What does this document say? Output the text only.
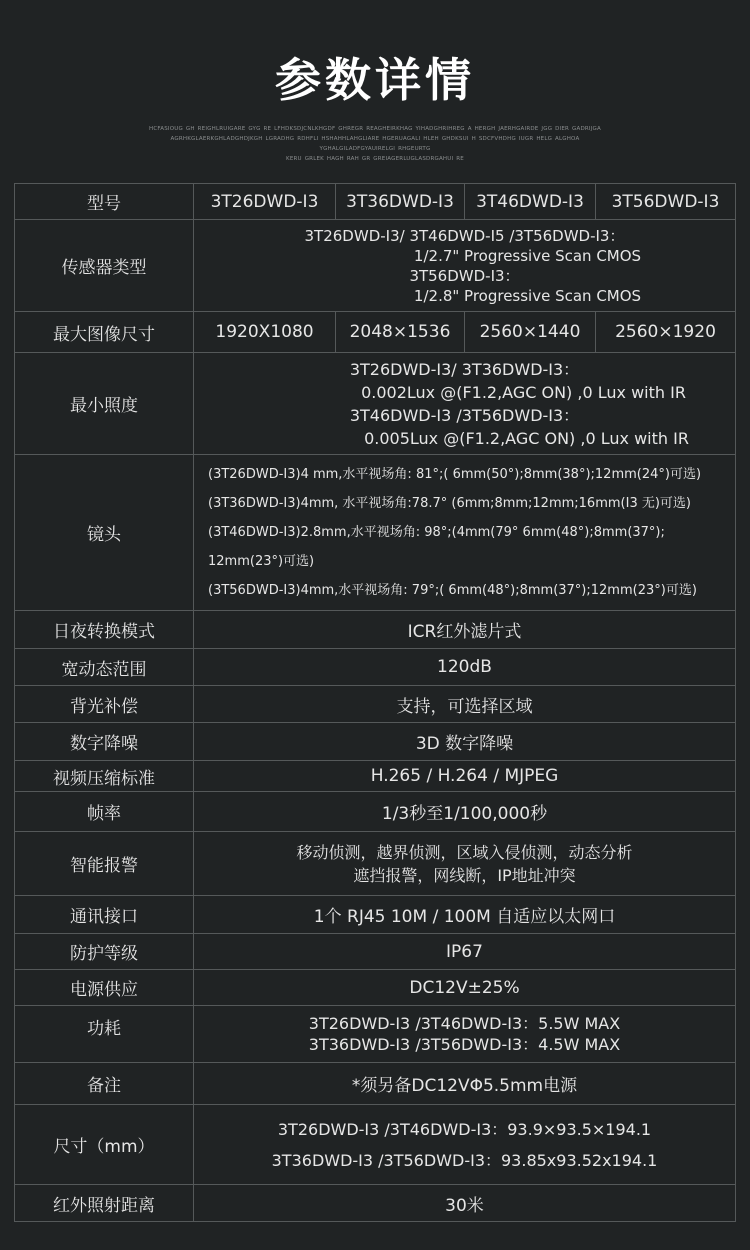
参数详情
HCFASIOUG GH REIGHLRUIGARE GYG RE LFHDKSDJCNLKHGDF GHREGR REAGHEIRKHAG YIHADGHRIHREG A HERGH JAERHGAIRDE JGG DIER GADRIJGA
AGRHKGLAERKGHLADGHDJKGH LGRADHG RDHFLI HSHAHHLAHGLIARE HGERUAGALI HLEH GHDKSUI H SDCFVHDHG IUGR HELG ALGHOA YGHALGILADFGYAUIRELGI RHGEURTG
KERU GRLEK HAGH RAH GR GREIAGERLUGLASDRGAHUI RE
型号	3T26DWD-I3	3T36DWD-I3	3T46DWD-I3	3T56DWD-I3
传感器类型	3T26DWD-I3/ 3T46DWD-I5 /3T56DWD-I3：
1/2.7" Progressive Scan CMOS
3T56DWD-I3：
1/2.8" Progressive Scan CMOS			

最大图像尺寸	1920X1080	2048×1536	2560×1440	2560×1920
最小照度	3T26DWD-I3/ 3T36DWD-I3：
0.002Lux @(F1.2,AGC ON) ,0 Lux with IR
3T46DWD-I3 /3T56DWD-I3：
0.005Lux @(F1.2,AGC ON) ,0 Lux with IR			

镜头	(3T26DWD-I3)4 mm,水平视场角: 81°;( 6mm(50°);8mm(38°);12mm(24°)可选)
(3T36DWD-I3)4mm, 水平视场角:78.7° (6mm;8mm;12mm;16mm(I3 无)可选)
(3T46DWD-I3)2.8mm,水平视场角: 98°;(4mm(79° 6mm(48°);8mm(37°);
12mm(23°)可选)
(3T56DWD-I3)4mm,水平视场角: 79°;( 6mm(48°);8mm(37°);12mm(23°)可选)			

日夜转换模式	ICR红外滤片式			
宽动态范围	120dB			
背光补偿	支持，可选择区域			
数字降噪	3D 数字降噪			
视频压缩标准	H.265 / H.264 / MJPEG			
帧率	1/3秒至1/100,000秒			
智能报警	移动侦测，越界侦测，区域入侵侦测，动态分析
遮挡报警，网线断，IP地址冲突			

通讯接口	1个 RJ45 10M / 100M 自适应以太网口			
防护等级	IP67			
电源供应	DC12V±25%			
功耗	3T26DWD-I3 /3T46DWD-I3：5.5W MAX
3T36DWD-I3 /3T56DWD-I3：4.5W MAX			

备注	*须另备DC12VΦ5.5mm电源			
尺寸（mm）	3T26DWD-I3 /3T46DWD-I3：93.9×93.5×194.1
3T36DWD-I3 /3T56DWD-I3：93.85x93.52x194.1			

红外照射距离	30米			
